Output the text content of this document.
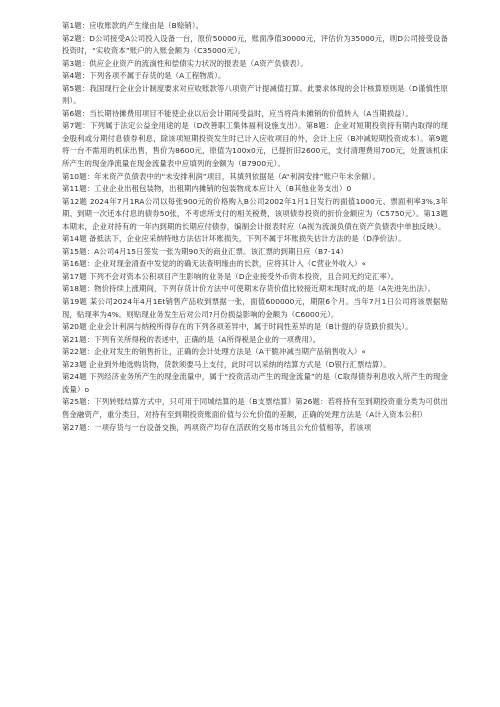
第1题：应收账款的产生缘由是（B赊销）。

第2题：D公司接受A公司投入设备一台，原价50000元，账面净值30000元，评估价为35000元，则D公司接受设备投资时，“实收资本”账户的入账金额为（C35000元）。

第3题：供应企业资产的流淌性和偿债实力状况的报表是（A资产负债表）。

第4题：下列各项不属于存货的是（A工程物质）。

第5题：我国现行企业会计制度要求对应收账款等八项资产计提减值打算。此要求体现的会计核算原则是（D谨慎性原则）。

第6题：当长期待摊费用项目不能使企业以后会计期间受益时，应当将尚未摊销的价值转入（A当期损益）。

第7题：下列属于法定公益金用途的是（D改善职工集体福利设施支出）。第8题：企业对短期投资持有期内取得的现金股利或分期付息债券利息，除该项短期投资发生时已计入应收项目的外，会计上应（B冲减短期投资成本）。第9题 将一台不需用的机床出售，售价为8600元，原值为100x0元，已提折旧2600元，支付清理费用700元，处置该机床所产生的现金净流量在现金流量表中应填列的金额为（B7900元）。

第10题：年末资产负债表中的“未安排利润”项目，其填列依据是（A“利润安排”账户年末余额）。

第11题：工业企业出租包装物，出租期内摊销的包装物成本应计入（B其他业务支出）0

第12题 2024年7月1RA公司以每张900元的价格购入B公司2002年1月1日发行的面值1000元、票面利率3%,3年期、到期一次还本付息的债券50张，不考虑所支付的相关税费，该项债券投资的折价金额应为（C5750元）。第13题 本期末，企业对持有的一年内到期的长期应付债券，编制会计报表时应（A视为流淌负债在资产负债表中单独反映）。

第14题 备抵法下，企业应采纳特地方法估计坏账损失，下列不属于坏账损失估计方法的是（D净价法）。

第15题：A公司4月15日签发一张为期90天的商业汇票。该汇票的到期日应（B7-14）

第16题：企业对现金清查中发觉的的确无法查明缘由的长款，应将其计入（C营业外收入）«

第17题 下列不会对资本公积项目产生影响的业务是（D企业接受外币资本投资，且合同无约定汇率）。

第18题：物价持续上涨期间，下列存货计价方法中可使期末存货价值比较接近期末现时成;的是（A先进先出法）。

第19题 某公司2024年4月1Et销售产品收到票据一张，面值600000元，期限6个月。当年7月1日公司将该票据贴现，贴现率为4%。则贴现业务发生后对公司?月份损益影响的金额为（C6000元）。

第20题 企业会计利润与纳税所得存在的下列各项差异中，属于时间性差异的是（B计提的存货跌价损失）。

第21题：下列有关所得税的表述中，正确的是（A所得税是企业的一项费用）。

第22题：企业对发生的销售折让，正确的会计处理方法是（A干脆冲减当期产品销售收入）«

第23题 企业到外地选购货物，货款须要马上支付，此时可以采纳的结算方式是（D银行汇票结算）。

第24题 下列经济业务所产生的现金流量中，属于“投资活动产生的现金流量”的是（C取得债券利息收入所产生的现金流量）o

第25题：下列转账结算方式中，只可用于同城结算的是（B支票结算）第26题：若将持有至到期投资重分类为可供出售金融资产，重分类日，对持有至到期投资账面价值与公允价值的差额，正确的处理方法是（A计入资本公积）

第27题：一项存货与一台设备交换，两项资产均存在活跃的交易市场且公允价值相等，若该项
